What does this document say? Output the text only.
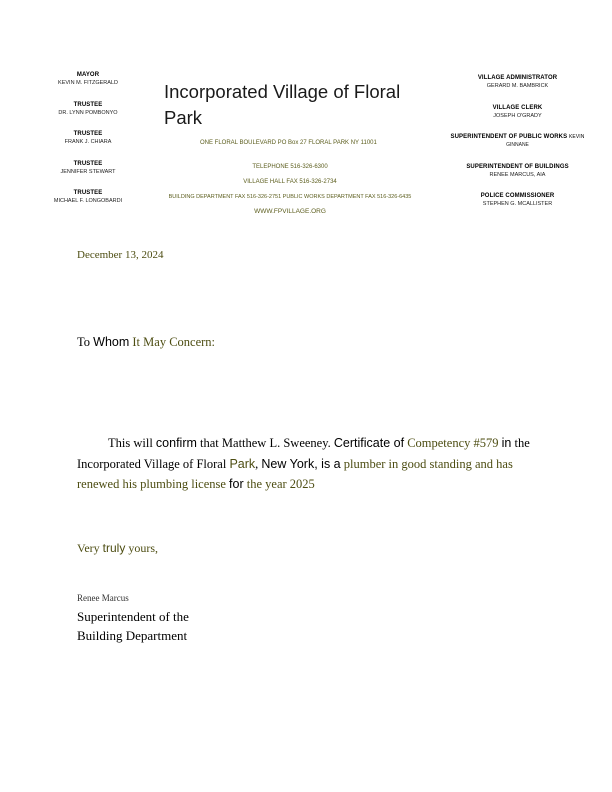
MAYOR
KEVIN M. FITZGERALD
TRUSTEE
DR. LYNN POMBONYO
TRUSTEE
FRANK J. CHIARA
TRUSTEE
JENNIFER STEWART
TRUSTEE
MICHAEL F. LONGOBARDI
Incorporated Village of Floral Park
ONE FLORAL BOULEVARD PO Box 27 FLORAL PARK NY 11001
TELEPHONE 516-326-6300
VILLAGE HALL FAX 516-326-2734
BUILDING DEPARTMENT FAX 516-326-2751 PUBLIC WORKS DEPARTMENT FAX 516-326-6435
WWW.FPVILLAGE.ORG
VILLAGE ADMINISTRATOR
GERARD M. BAMBRICK
VILLAGE CLERK
JOSEPH O'GRADY
SUPERINTENDENT OF PUBLIC WORKS KEVIN
GINNANE
SUPERINTENDENT OF BUILDINGS
RENEE MARCUS, AIA
POLICE COMMISSIONER
STEPHEN G. MCALLISTER
December 13, 2024
To Whom It May Concern:
This will confirm that Matthew L. Sweeney. Certificate of Competency #579 in the Incorporated Village of Floral Park, New York, is a plumber in good standing and has renewed his plumbing license for the year 2025
Very truly yours,
Renee Marcus
Superintendent of the
Building Department
